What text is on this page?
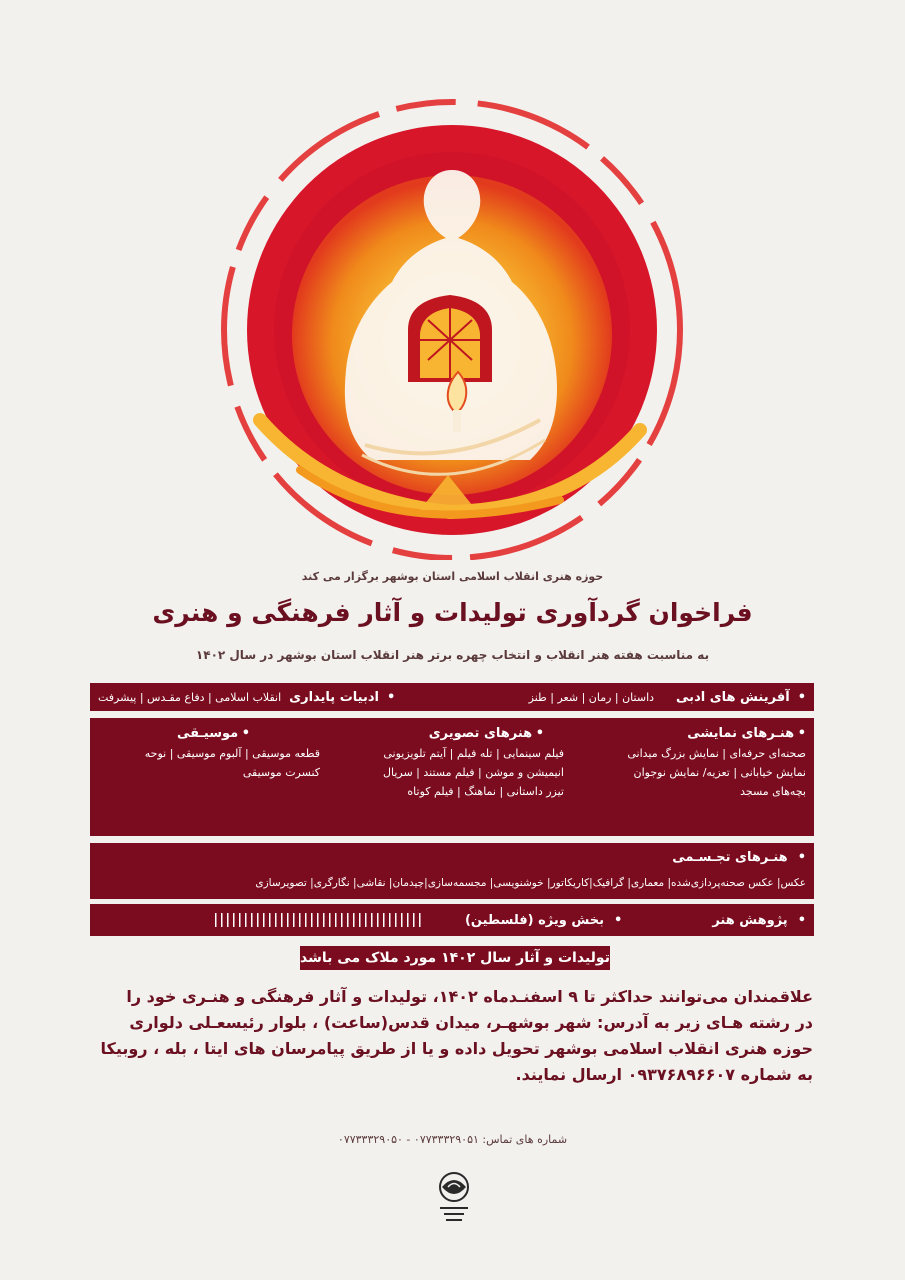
حوزه هنری انقلاب اسلامی استان بوشهر برگزار می کند
فراخوان گردآوری تولیدات و آثار فرهنگی و هنری
به مناسبت هفته هنر انقلاب و انتخاب چهره برتر هنر انقلاب استان بوشهر در سال ۱۴۰۲
•
آفرینش های ادبی
داستان | رمان | شعر | طنز
•
ادبیات پایداری
انقلاب اسلامی | دفاع مقـدس | پیشرفت
• هنـرهای نمایشی
صحنه‌ای حرفه‌ای | نمایش بزرگ میدانی
نمایش خیابانی | تعزیه/ نمایش نوجوان
بچه‌های مسجد
• هنرهای تصویری
فیلم سینمایی | تله فیلم | آیتم تلویزیونی
انیمیشن و موشن | فیلم مستند | سریال
تیزر داستانی | نماهنگ | فیلم کوتاه
• موسیـقی
قطعه موسیقی | آلبوم موسیقی | نوحه
کنسرت موسیقی
•
هنـرهای تجـسـمی
عکس| عکس صحنه‌پردازی‌شده| معماری| گرافیک|کاریکاتور| خوشنویسی| مجسمه‌سازی|چیدمان| نقاشی| نگارگری| تصویرسازی
•
پژوهش هنر
•
بخش ویژه (فلسطین)
تولیدات و آثار سال ۱۴۰۲ مورد ملاک می باشد

علاقمندان می‌توانند حداکثر تا ۹ اسفنـدماه ۱۴۰۲، تولیدات و آثار فرهنگی و هنـری خود را

در رشته هـای زیر به آدرس: شهر بوشهـر، میدان قدس(ساعت) ، بلوار رئیسعـلی دلواری

حوزه هنری انقلاب اسلامی بوشهر تحویل داده و یا از طریق پیامرسان های ایتا ، بله ، روبیکا

به شماره ۰۹۳۷۶۸۹۶۶۰۷ ارسال نمایند.

شماره های تماس: ۰۷۷۳۳۳۲۹۰۵۱ - ۰۷۷۳۳۳۲۹۰۵۰
